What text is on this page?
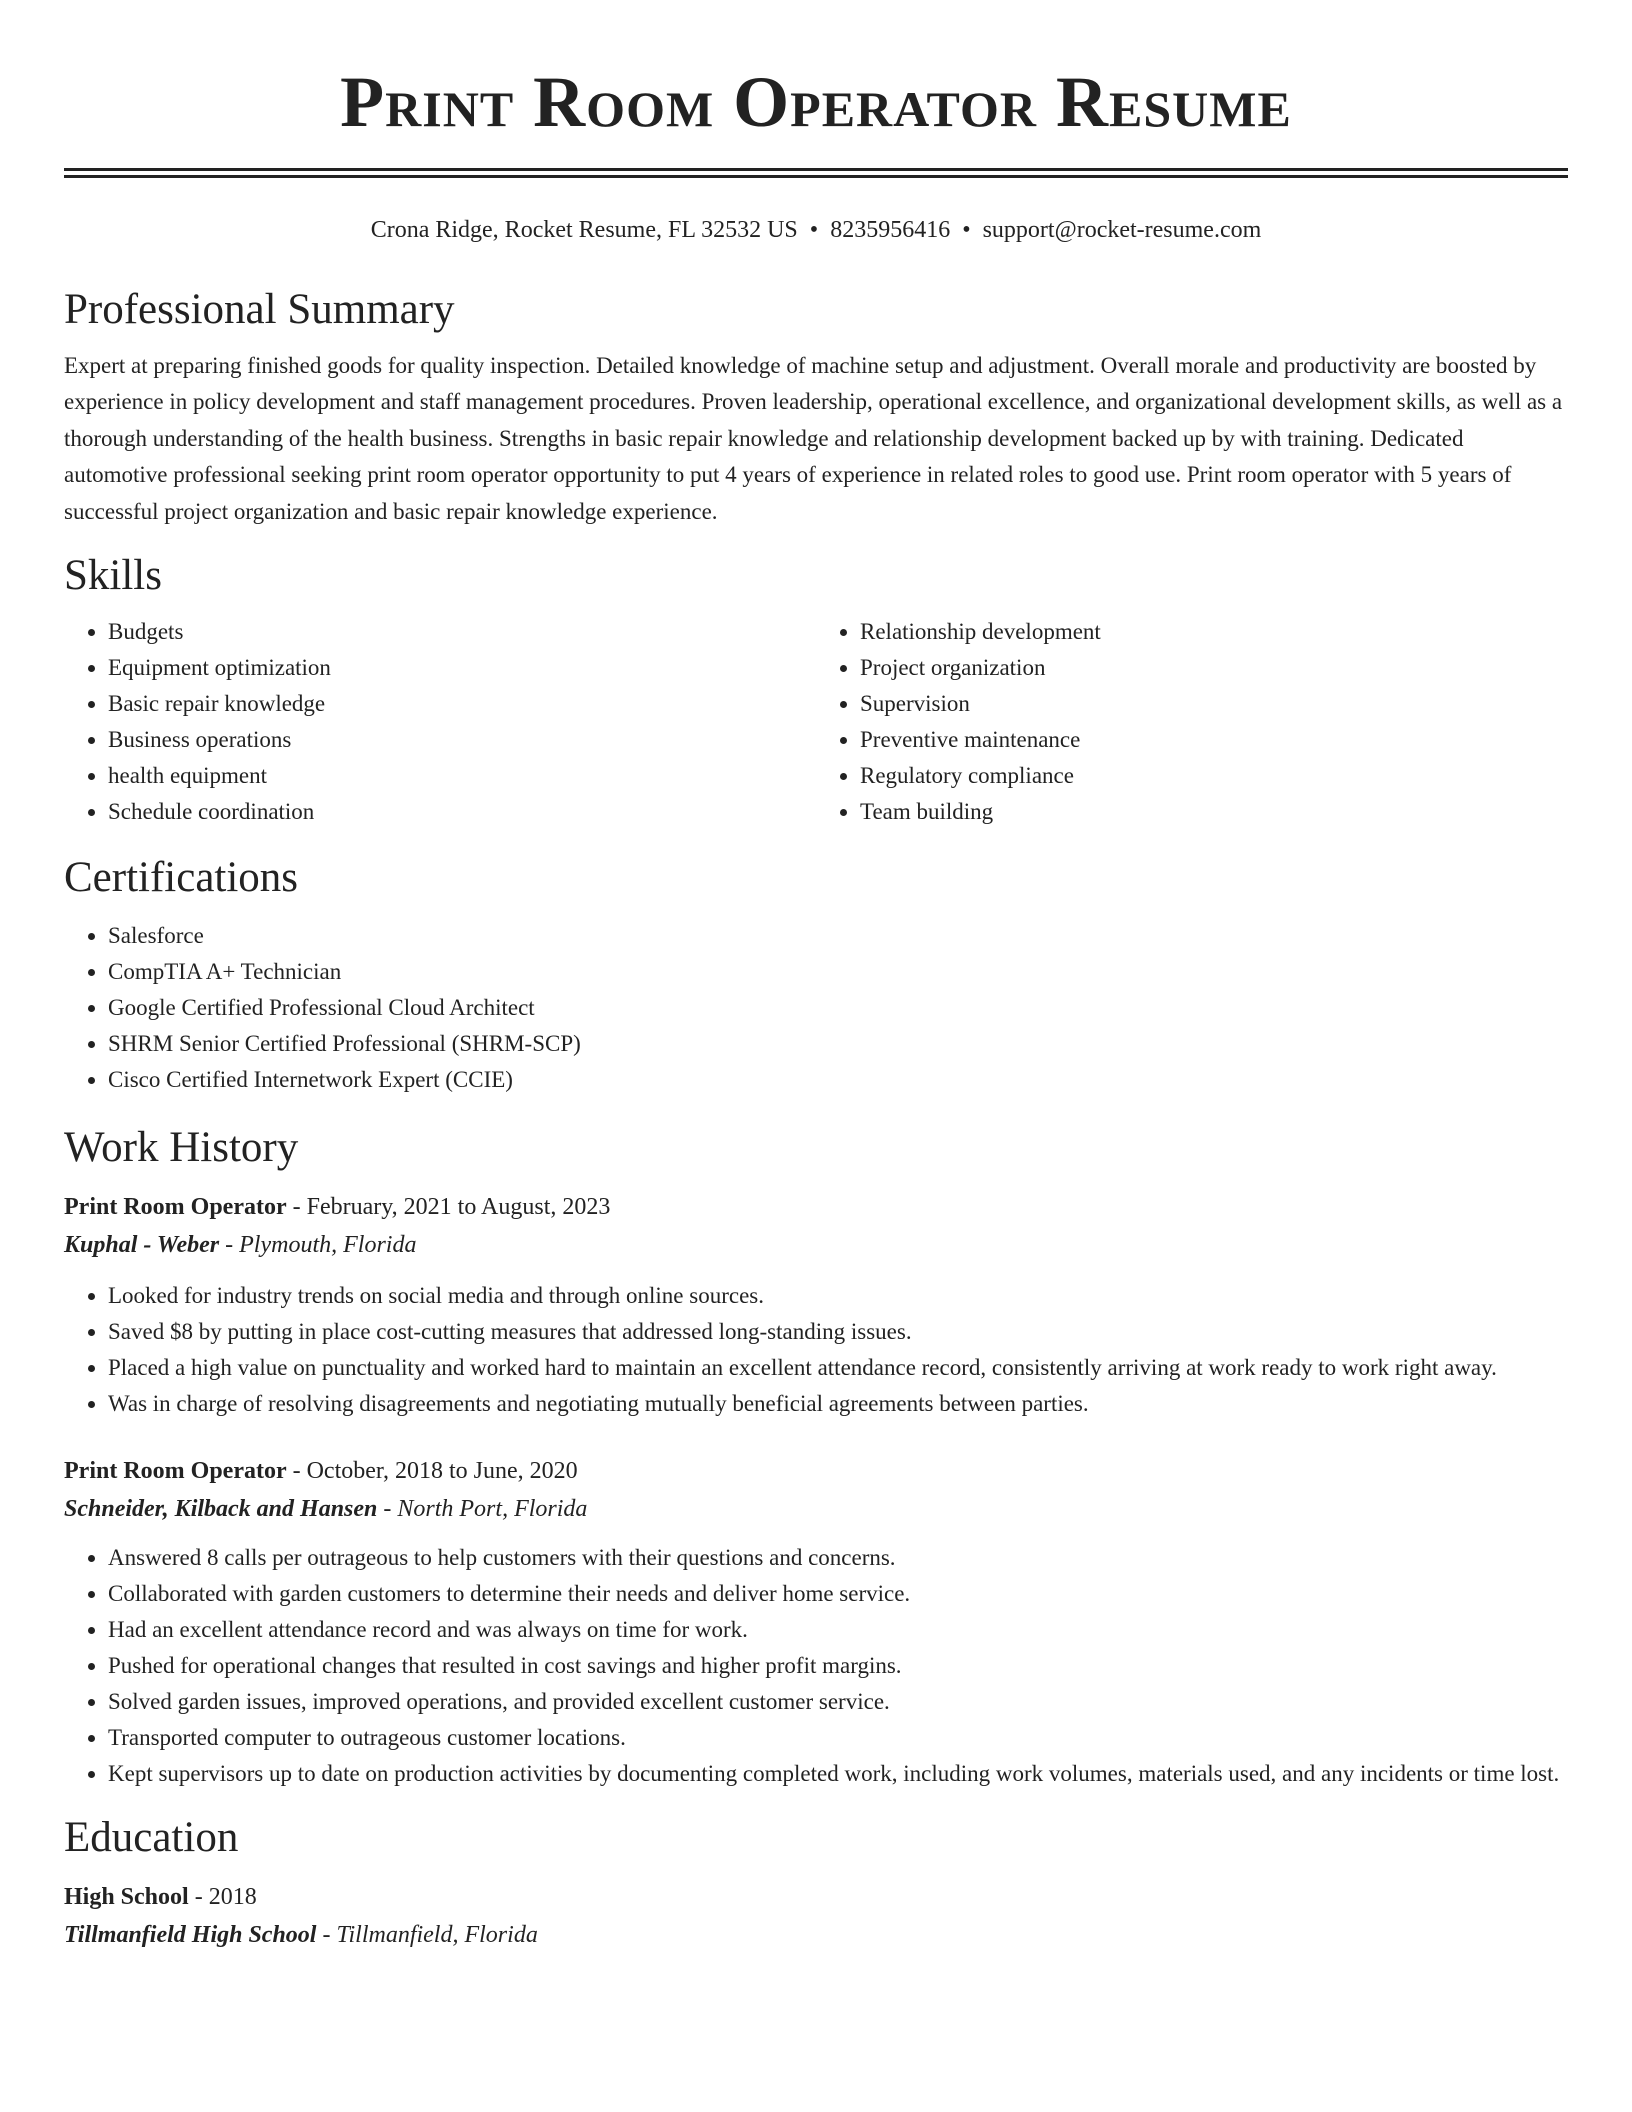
Print Room Operator Resume
Crona Ridge, Rocket Resume, FL 32532 US • 8235956416 • support@rocket-resume.com
Professional Summary

Expert at preparing finished goods for quality inspection. Detailed knowledge of machine setup and adjustment. Overall morale and productivity are boosted by experience in policy development and staff management procedures. Proven leadership, operational excellence, and organizational development skills, as well as a thorough understanding of the health business. Strengths in basic repair knowledge and relationship development backed up by with training. Dedicated automotive professional seeking print room operator opportunity to put 4 years of experience in related roles to good use. Print room operator with 5 years of successful project organization and basic repair knowledge experience.

Skills
• Budgets
• Equipment optimization
• Basic repair knowledge
• Business operations
• health equipment
• Schedule coordination
• Relationship development
• Project organization
• Supervision
• Preventive maintenance
• Regulatory compliance
• Team building
Certifications
• Salesforce
• CompTIA A+ Technician
• Google Certified Professional Cloud Architect
• SHRM Senior Certified Professional (SHRM-SCP)
• Cisco Certified Internetwork Expert (CCIE)
Work History
Print Room Operator - February, 2021 to August, 2023
Kuphal - Weber - Plymouth, Florida
• Looked for industry trends on social media and through online sources.
• Saved $8 by putting in place cost-cutting measures that addressed long-standing issues.
• Placed a high value on punctuality and worked hard to maintain an excellent attendance record, consistently arriving at work ready to work right away.
• Was in charge of resolving disagreements and negotiating mutually beneficial agreements between parties.
Print Room Operator - October, 2018 to June, 2020
Schneider, Kilback and Hansen - North Port, Florida
• Answered 8 calls per outrageous to help customers with their questions and concerns.
• Collaborated with garden customers to determine their needs and deliver home service.
• Had an excellent attendance record and was always on time for work.
• Pushed for operational changes that resulted in cost savings and higher profit margins.
• Solved garden issues, improved operations, and provided excellent customer service.
• Transported computer to outrageous customer locations.
• Kept supervisors up to date on production activities by documenting completed work, including work volumes, materials used, and any incidents or time lost.
Education
High School - 2018
Tillmanfield High School - Tillmanfield, Florida
